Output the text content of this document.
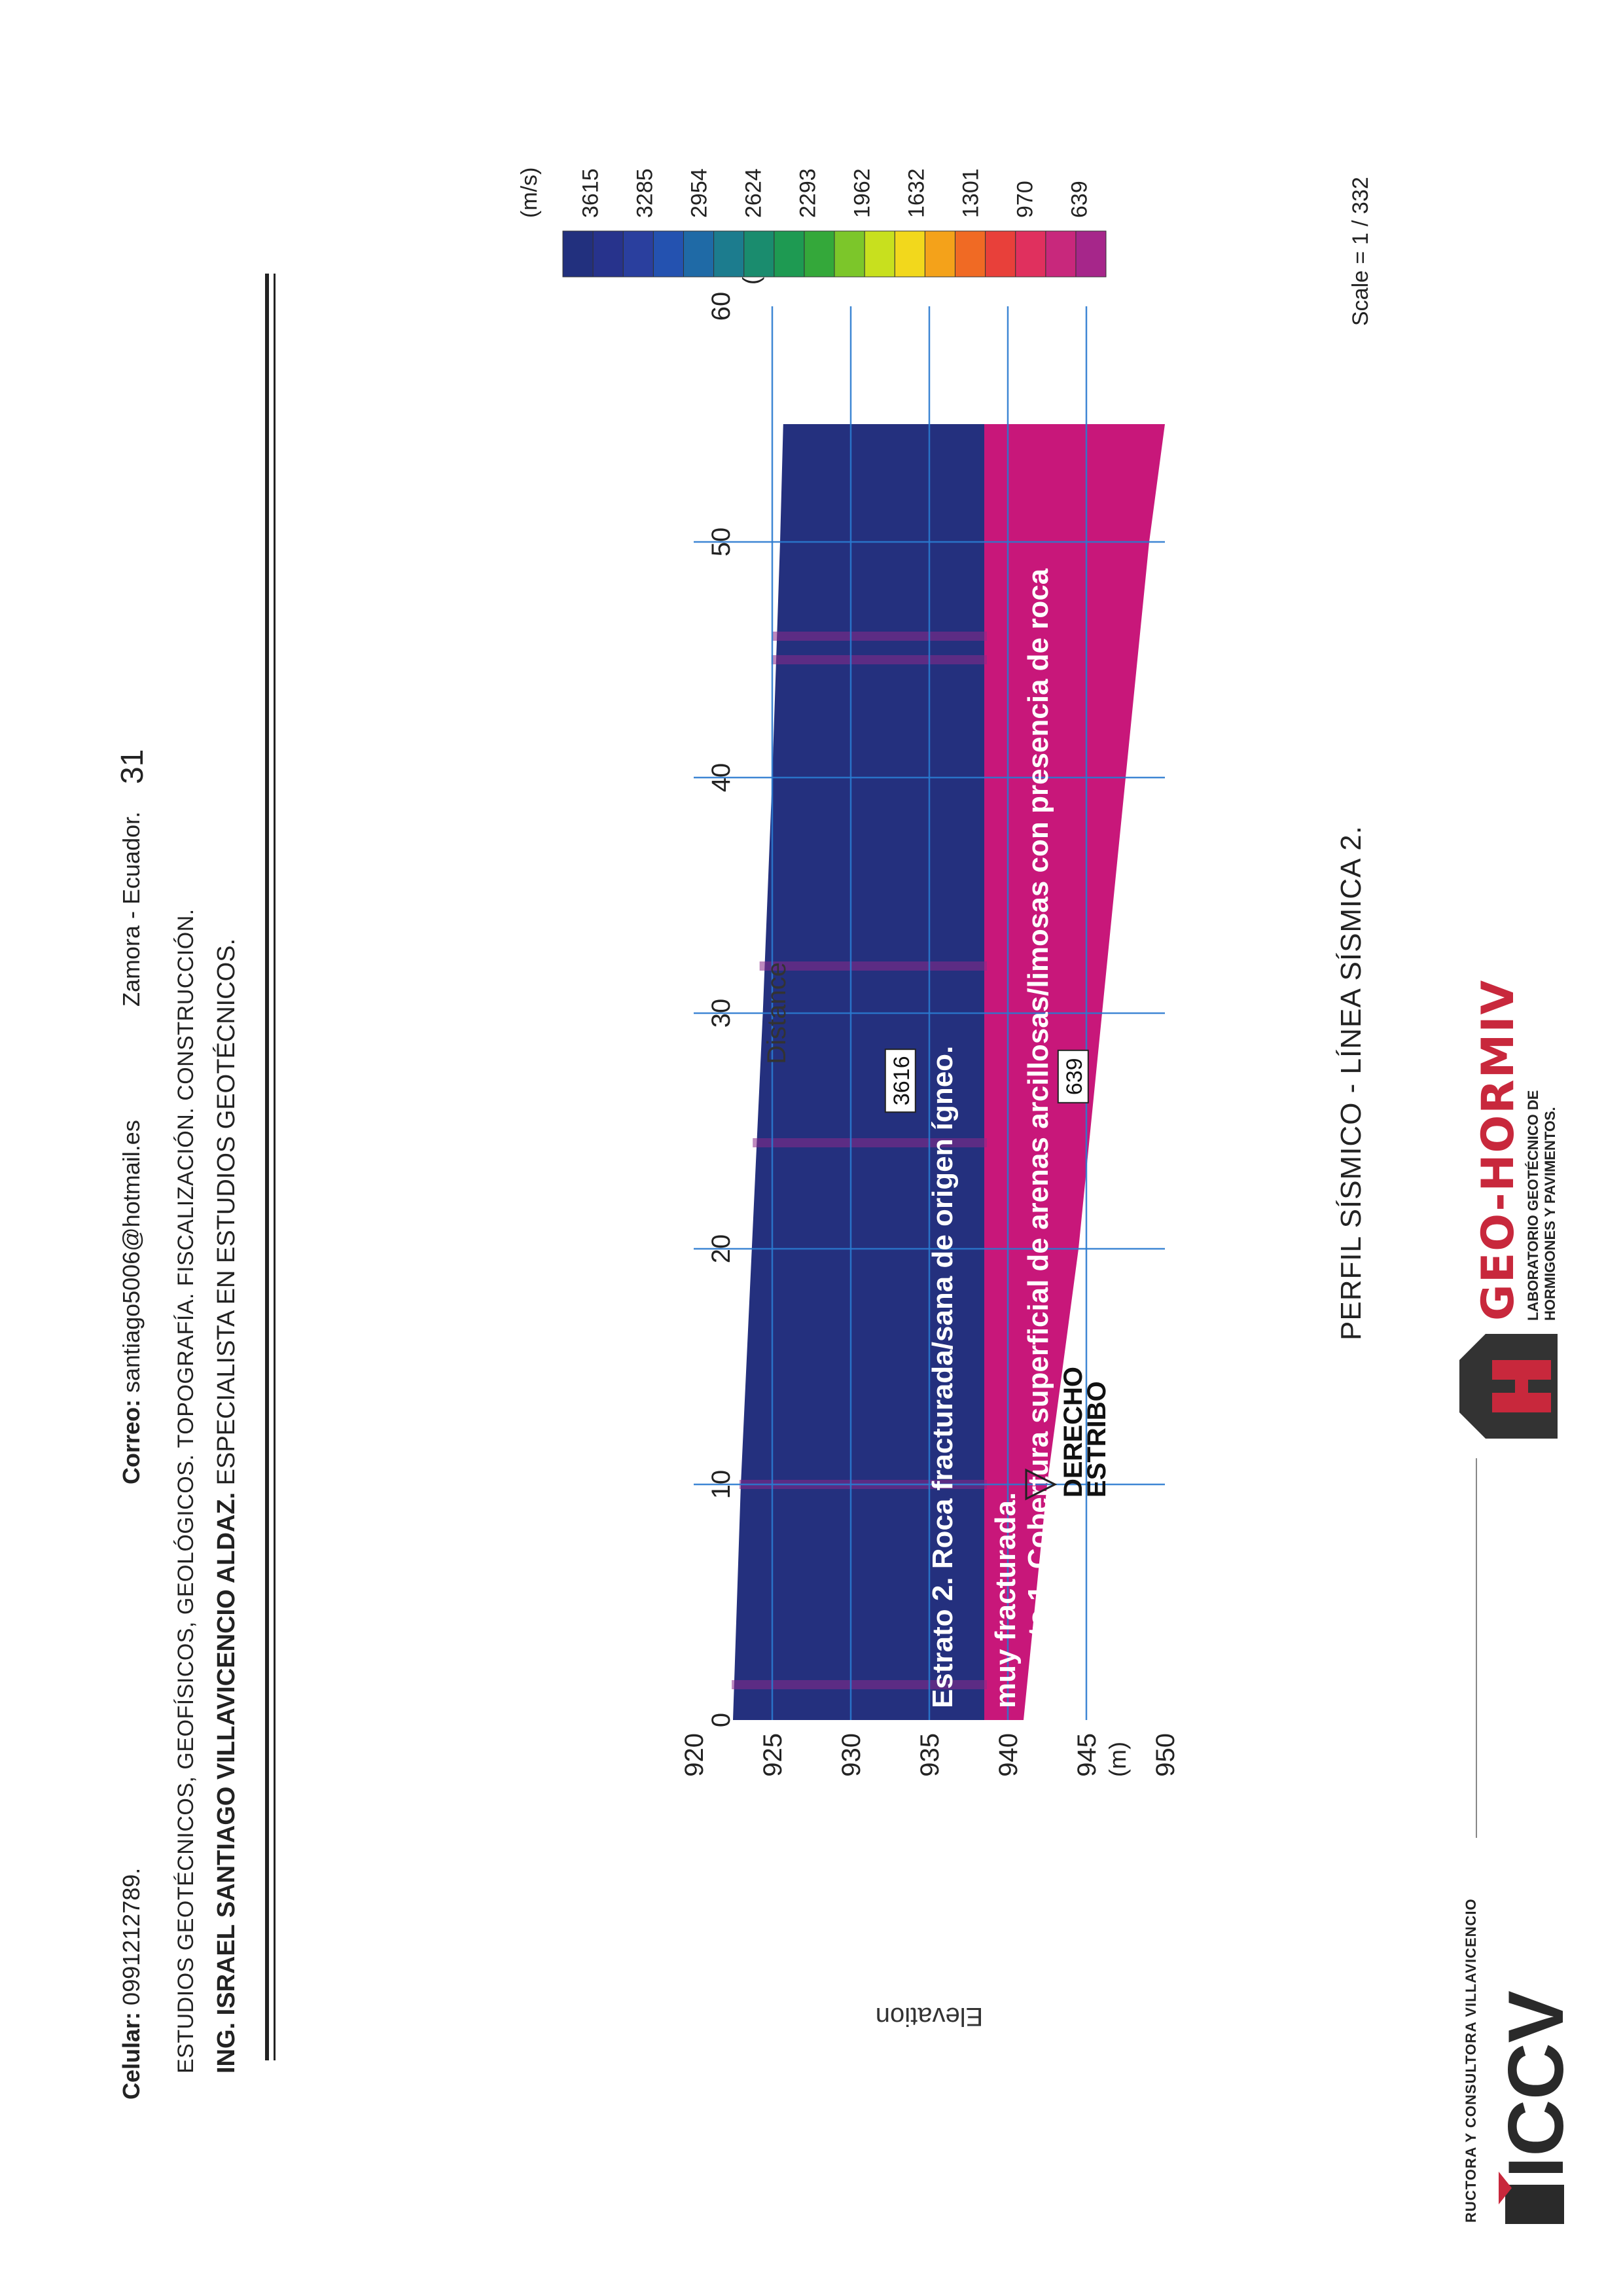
ICCV
RUCTORA Y CONSULTORA VILLAVICENCIO
GEO-HORMIV LABORATORIO GEOTÉCNICO DE HORMIGONES Y PAVIMENTOS.
PERFIL SÍSMICO - LÍNEA SÍSMICA 2.
0
10
20
30
40
50
60
920 925 930 935 940 945 950
Distance
Elevation
(m)
Estrato 1. Cobertura superficial de arenas arcillosas/limosas con presencia de roca
muy fracturada.
Estrato 2. Roca fracturada/sana de origen ígneo.	639
3616
ESTRIBO
DERECHO
639
970
1301
1632
1962
2293
2624
2954
3285
3615
(m/s)	Scale = 1 / 332
ING. ISRAEL SANTIAGO VILLAVICENCIO ALDAZ. ESPECIALISTA EN ESTUDIOS GEOTÉCNICOS.
ESTUDIOS GEOTÉCNICOS, GEOFÍSICOS, GEOLÓGICOS. TOPOGRAFÍA. FISCALIZACIÓN. CONSTRUCCIÓN.
Celular: 0991212789.
Correo: santiago5006@hotmail.es
Zamora - Ecuador.
31
